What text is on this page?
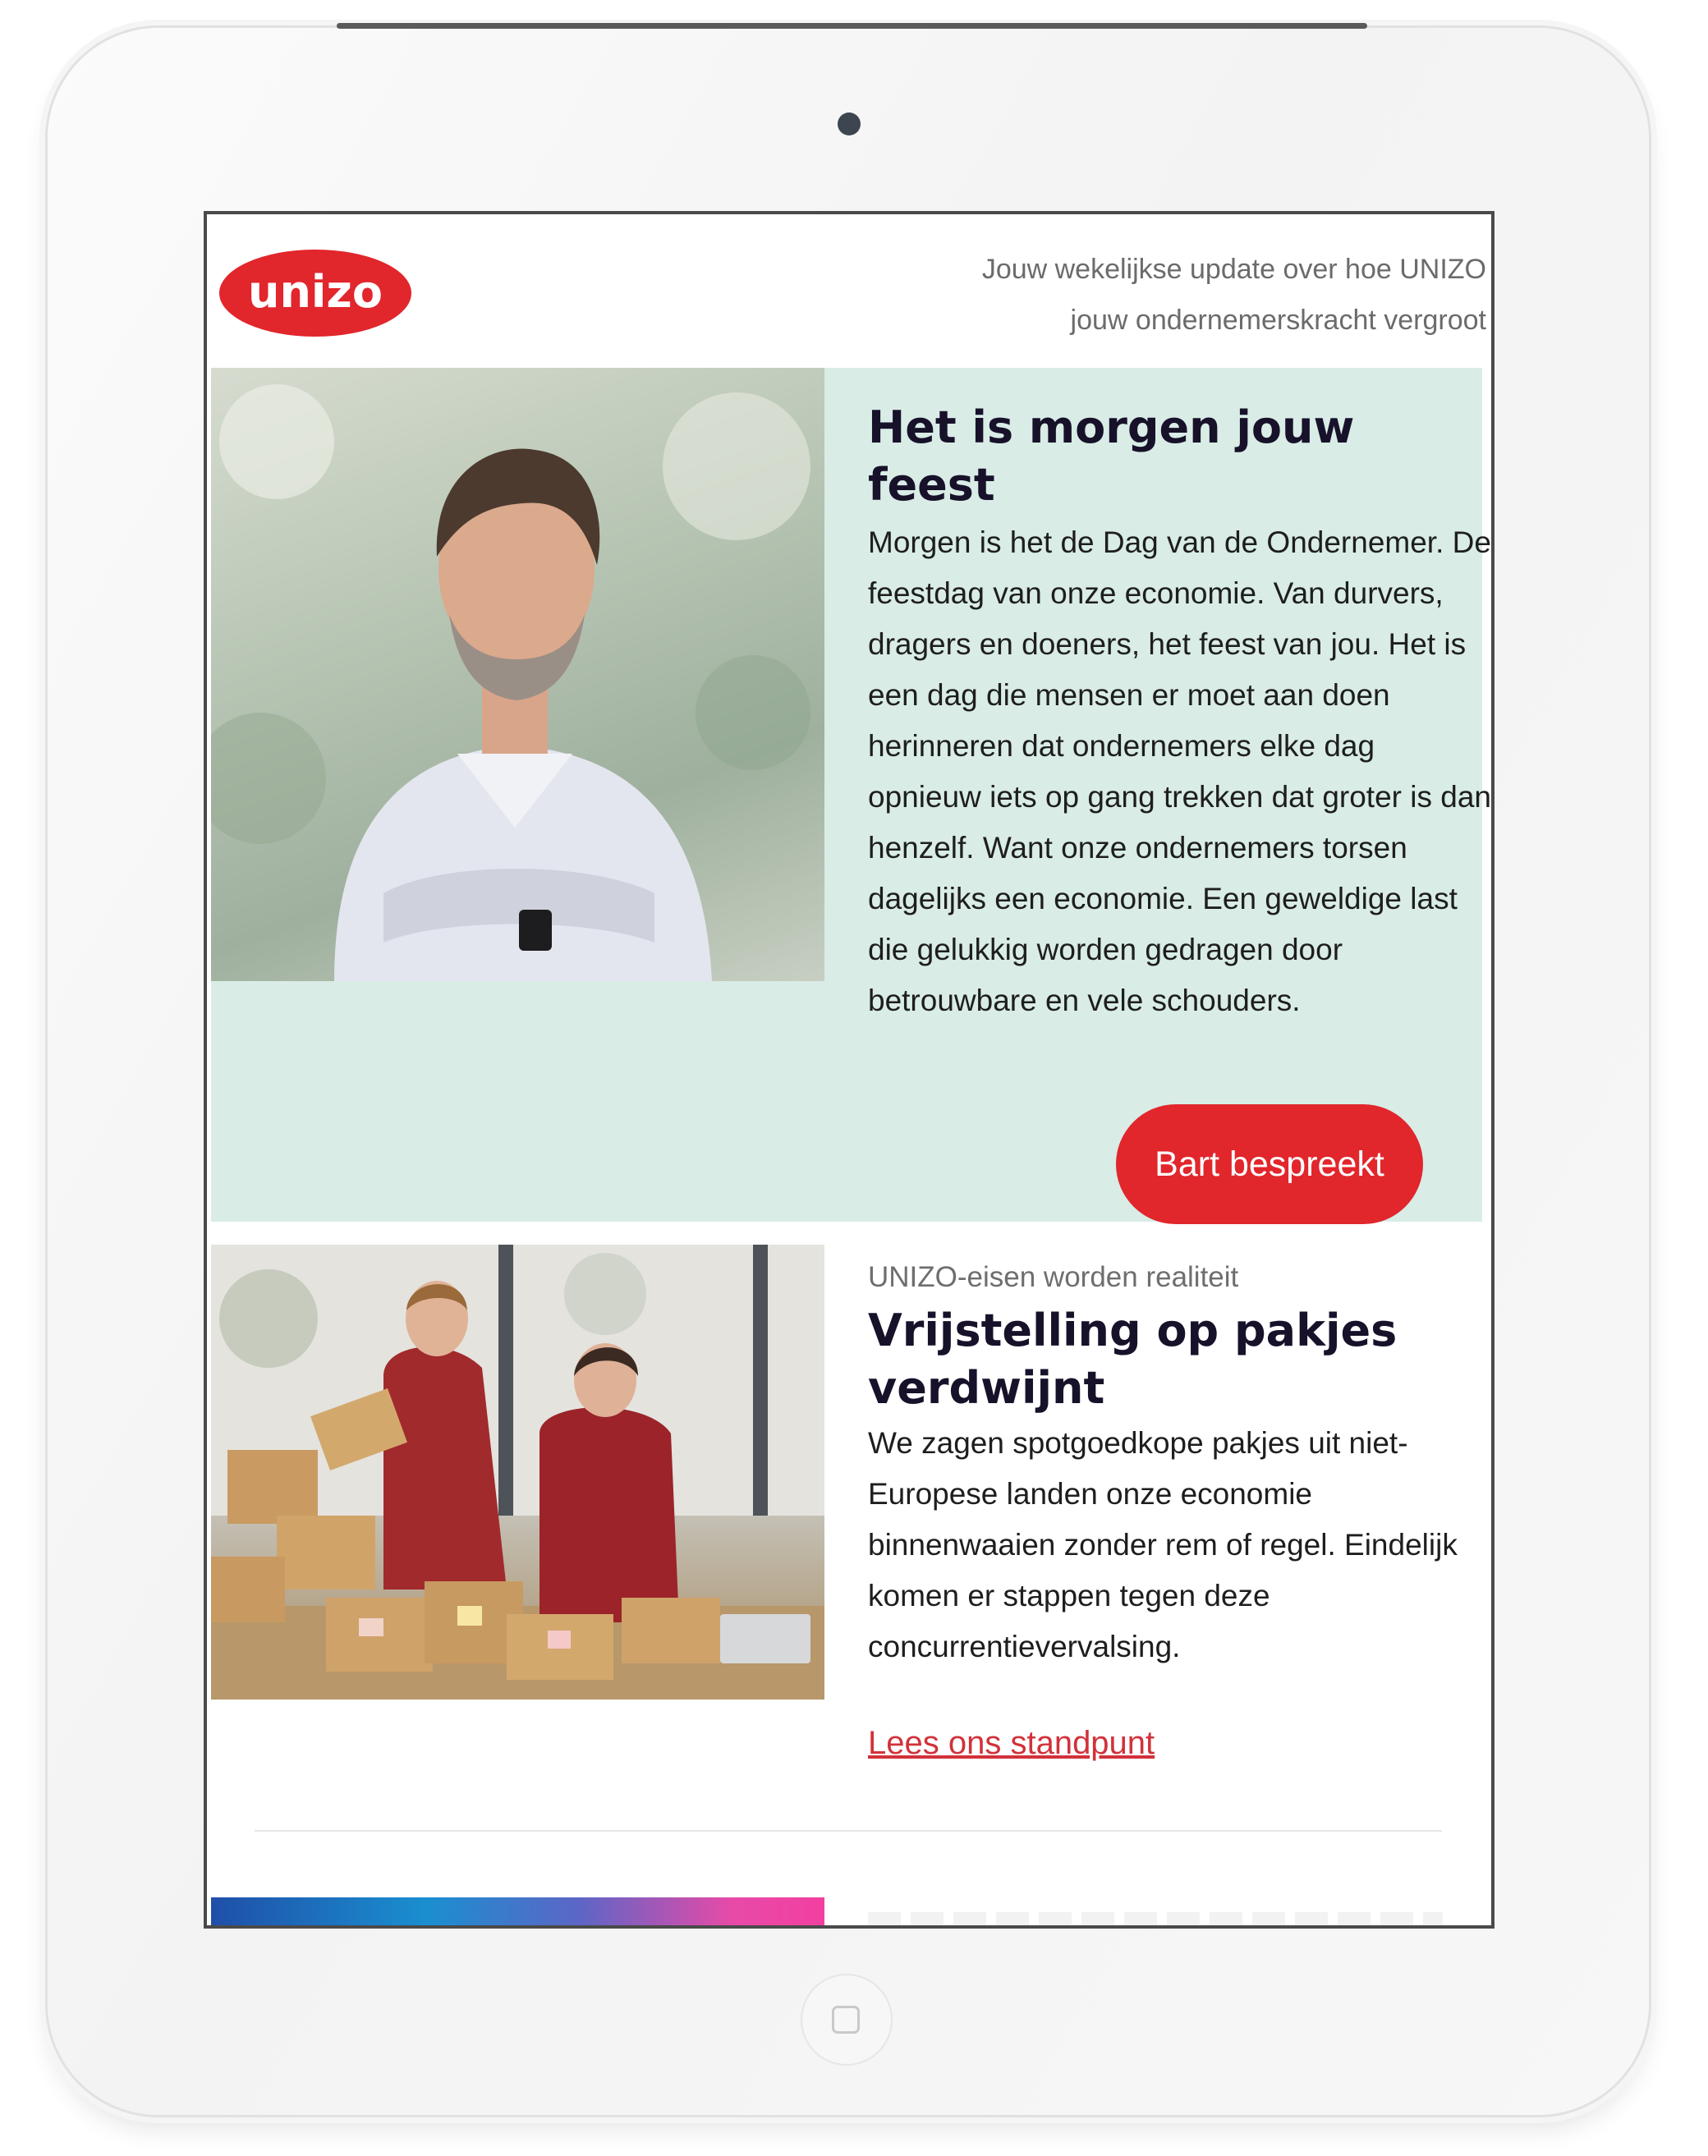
unizo	Jouw wekelijkse update over hoe UNIZO
jouw ondernemerskracht vergroot
Het is morgen jouw feest

Morgen is het de Dag van de Ondernemer. De feestdag van onze economie. Van durvers, dragers en doeners, het feest van jou. Het is een dag die mensen er moet aan doen herinneren dat ondernemers elke dag opnieuw iets op gang trekken dat groter is dan henzelf. Want onze ondernemers torsen dagelijks een economie. Een geweldige last die gelukkig worden gedragen door betrouwbare en vele schouders.

Bart bespreekt

UNIZO-eisen worden realiteit

Vrijstelling op pakjes verdwijnt

We zagen spotgoedkope pakjes uit niet-Europese landen onze economie binnenwaaien zonder rem of regel. Eindelijk komen er stappen tegen deze concurrentievervalsing.

Lees ons standpunt
